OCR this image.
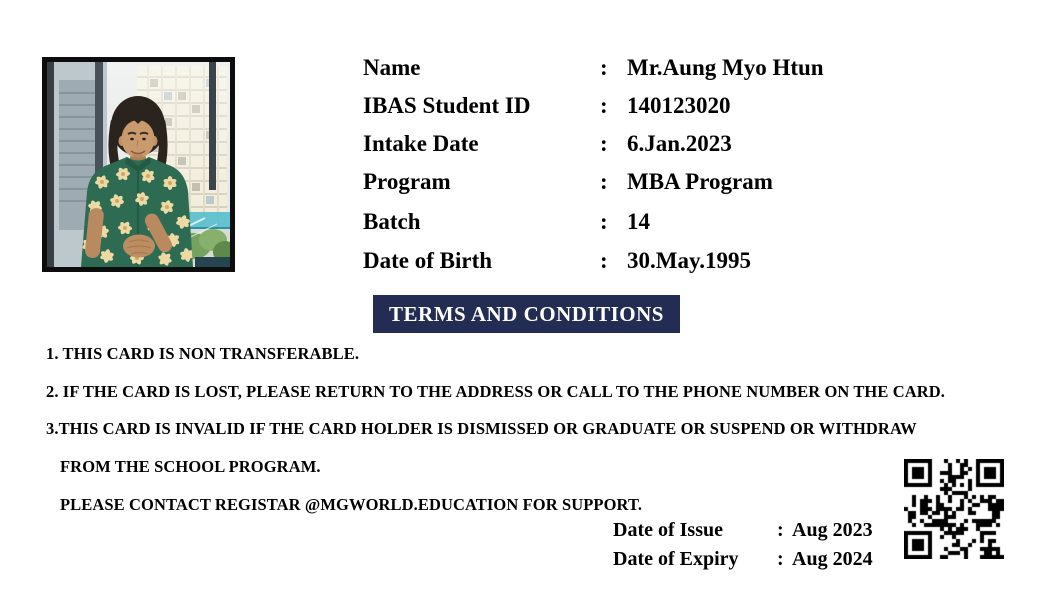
Name	: Mr.Aung Myo Htun
IBAS Student ID	: 140123020
Intake Date	: 6.Jan.2023
Program	: MBA Program
Batch	: 14
Date of Birth	: 30.May.1995
TERMS AND CONDITIONS
1. THIS CARD IS NON TRANSFERABLE.
2. IF THE CARD IS LOST, PLEASE RETURN TO THE ADDRESS OR CALL TO THE PHONE NUMBER ON THE CARD.
3.THIS CARD IS INVALID IF THE CARD HOLDER IS DISMISSED OR GRADUATE OR SUSPEND OR WITHDRAW
FROM THE SCHOOL PROGRAM.
PLEASE CONTACT REGISTAR @MGWORLD.EDUCATION FOR SUPPORT.
Date of Issue	: Aug 2023
Date of Expiry	: Aug 2024
